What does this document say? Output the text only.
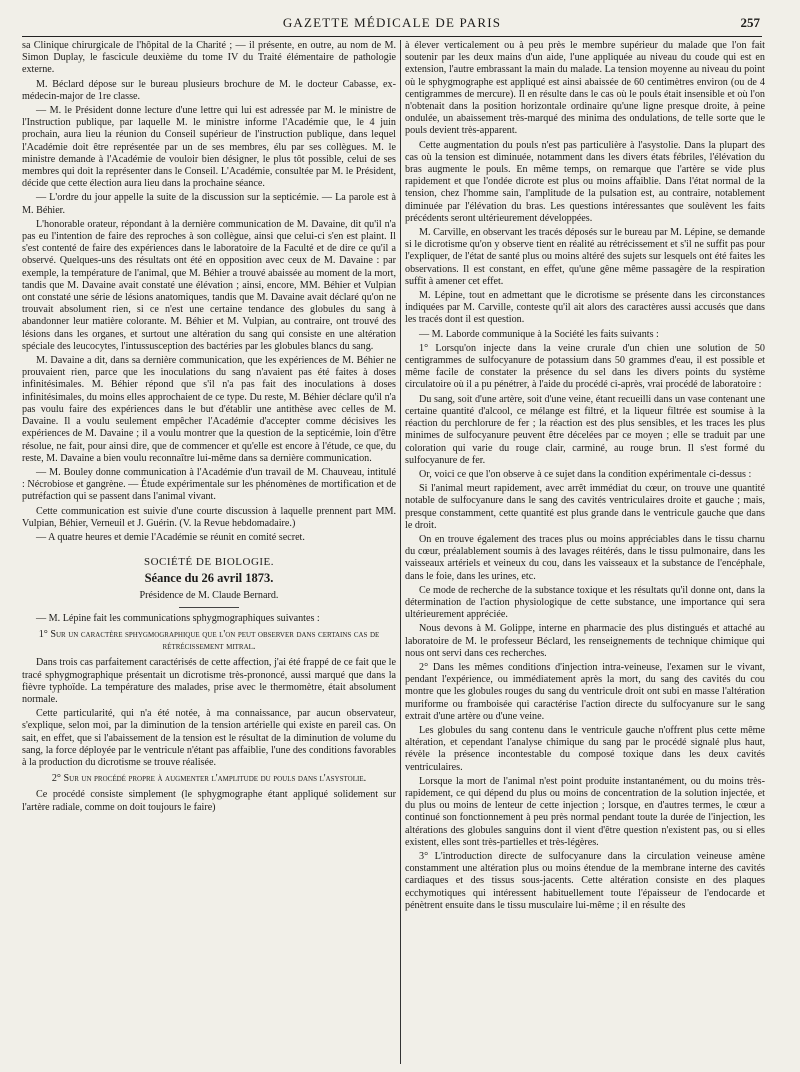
GAZETTE MÉDICALE DE PARIS	257

sa Clinique chirurgicale de l'hôpital de la Charité ; — il présente, en outre, au nom de M. Simon Duplay, le fascicule deuxième du tome IV du Traité élémentaire de pathologie externe.

M. Béclard dépose sur le bureau plusieurs brochure de M. le docteur Cabasse, ex-médecin-major de 1re classe.

— M. le Président donne lecture d'une lettre qui lui est adressée par M. le ministre de l'Instruction publique, par laquelle M. le ministre informe l'Académie que, le 4 juin prochain, aura lieu la réunion du Conseil supérieur de l'instruction publique, dans lequel l'Académie doit être représentée par un de ses membres, élu par ses collègues. M. le ministre demande à l'Académie de vouloir bien désigner, le plus tôt possible, celui de ses membres qui doit la représenter dans le Conseil. L'Académie, consultée par M. le Président, décide que cette élection aura lieu dans la prochaine séance.

— L'ordre du jour appelle la suite de la discussion sur la septicémie. — La parole est à M. Béhier.

L'honorable orateur, répondant à la dernière communication de M. Davaine, dit qu'il n'a pas eu l'intention de faire des reproches à son collègue, ainsi que celui-ci s'en est plaint. Il s'est contenté de faire des expériences dans le laboratoire de la Faculté et de dire ce qu'il a observé. Quelques-uns des résultats ont été en opposition avec ceux de M. Davaine : par exemple, la température de l'animal, que M. Béhier a trouvé abaissée au moment de la mort, tandis que M. Davaine avait constaté une élévation ; ainsi, encore, MM. Béhier et Vulpian ont constaté une série de lésions anatomiques, tandis que M. Davaine avait déclaré qu'on ne trouvait absolument rien, si ce n'est une certaine tendance des globules du sang à abandonner leur matière colorante. M. Béhier et M. Vulpian, au contraire, ont trouvé des lésions dans les organes, et surtout une altération du sang qui consiste en une altération spéciale des leucocytes, l'intussusception des bactéries par les globules blancs du sang.

M. Davaine a dit, dans sa dernière communication, que les expériences de M. Béhier ne prouvaient rien, parce que les inoculations du sang n'avaient pas été faites à doses infinitésimales. M. Béhier répond que s'il n'a pas fait des inoculations à doses infinitésimales, du moins elles approchaient de ce type. Du reste, M. Béhier déclare qu'il n'a pas voulu faire des expériences dans le but d'établir une antithèse avec celles de M. Davaine. Il a voulu seulement empêcher l'Académie d'accepter comme décisives les expériences de M. Davaine ; il a voulu montrer que la question de la septicémie, loin d'être résolue, ne fait, pour ainsi dire, que de commencer et qu'elle est encore à l'étude, ce que, du reste, M. Davaine a bien voulu reconnaître lui-même dans sa dernière communication.

— M. Bouley donne communication à l'Académie d'un travail de M. Chauveau, intitulé : Nécrobiose et gangrène. — Étude expérimentale sur les phénomènes de mortification et de putréfaction qui se passent dans l'animal vivant.

Cette communication est suivie d'une courte discussion à laquelle prennent part MM. Vulpian, Béhier, Verneuil et J. Guérin. (V. la Revue hebdomadaire.)

— A quatre heures et demie l'Académie se réunit en comité secret.

SOCIÉTÉ DE BIOLOGIE.

Séance du 26 avril 1873.

Présidence de M. Claude Bernard.

— M. Lépine fait les communications sphygmographiques suivantes :

1° Sur un caractère sphygmographique que l'on peut observer dans certains cas de rétrécissement mitral.

Dans trois cas parfaitement caractérisés de cette affection, j'ai été frappé de ce fait que le tracé sphygmographique présentait un dicrotisme très-prononcé, aussi marqué que dans la fièvre typhoïde. La température des malades, prise avec le thermomètre, était absolument normale.

Cette particularité, qui n'a été notée, à ma connaissance, par aucun observateur, s'explique, selon moi, par la diminution de la tension artérielle qui existe en pareil cas. On sait, en effet, que si l'abaissement de la tension est le résultat de la diminution de volume du sang, la force déployée par le ventricule n'étant pas affaiblie, l'une des conditions favorables à la production du dicrotisme se trouve réalisée.

2° Sur un procédé propre à augmenter l'amplitude du pouls dans l'asystolie.

Ce procédé consiste simplement (le sphygmographe étant appliqué solidement sur l'artère radiale, comme on doit toujours le faire)

à élever verticalement ou à peu près le membre supérieur du malade que l'on fait soutenir par les deux mains d'un aide, l'une appliquée au niveau du coude qui est en extension, l'autre embrassant la main du malade. La tension moyenne au niveau du point où le sphygmographe est appliqué est ainsi abaissée de 60 centimètres environ (ou de 4 centigrammes de mercure). Il en résulte dans le cas où le pouls était insensible et où l'on n'obtenait dans la position horizontale ordinaire qu'une ligne presque droite, à peine ondulée, un abaissement très-marqué des minima des ondulations, de telle sorte que le pouls devient très-apparent.

Cette augmentation du pouls n'est pas particulière à l'asystolie. Dans la plupart des cas où la tension est diminuée, notamment dans les divers états fébriles, l'élévation du bras augmente le pouls. En même temps, on remarque que l'artère se vide plus rapidement et que l'ondée dicrote est plus ou moins affaiblie. Dans l'état normal de la tension, chez l'homme sain, l'amplitude de la pulsation est, au contraire, notablement diminuée par l'élévation du bras. Les questions intéressantes que soulèvent les faits précédents seront ultérieurement développées.

M. Carville, en observant les tracés déposés sur le bureau par M. Lépine, se demande si le dicrotisme qu'on y observe tient en réalité au rétrécissement et s'il ne suffit pas pour l'expliquer, de l'état de santé plus ou moins altéré des sujets sur lesquels ont été faites les observations. Il est constant, en effet, qu'une gêne même passagère de la respiration suffit à amener cet effet.

M. Lépine, tout en admettant que le dicrotisme se présente dans les circonstances indiquées par M. Carville, conteste qu'il ait alors des caractères aussi accusés que dans les tracés dont il est question.

— M. Laborde communique à la Société les faits suivants :

1° Lorsqu'on injecte dans la veine crurale d'un chien une solution de 50 centigrammes de sulfocyanure de potassium dans 50 grammes d'eau, il est possible et même facile de constater la présence du sel dans les divers points du système circulatoire où il a pu pénétrer, à l'aide du procédé ci-après, vrai procédé de laboratoire :

Du sang, soit d'une artère, soit d'une veine, étant recueilli dans un vase contenant une certaine quantité d'alcool, ce mélange est filtré, et la liqueur filtrée est soumise à la réaction du perchlorure de fer ; la réaction est des plus sensibles, et les traces les plus minimes de sulfocyanure peuvent être décelées par ce moyen ; elle se traduit par une coloration qui varie du rouge clair, carminé, au rouge brun. Il s'est formé du sulfocyanure de fer.

Or, voici ce que l'on observe à ce sujet dans la condition expérimentale ci-dessus :

Si l'animal meurt rapidement, avec arrêt immédiat du cœur, on trouve une quantité notable de sulfocyanure dans le sang des cavités ventriculaires droite et gauche ; mais, presque constamment, cette quantité est plus grande dans le ventricule gauche que dans le droit.

On en trouve également des traces plus ou moins appréciables dans le tissu charnu du cœur, préalablement soumis à des lavages réitérés, dans le tissu pulmonaire, dans les vaisseaux artériels et veineux du cou, dans les vaisseaux et la substance de l'encéphale, dans le foie, dans les urines, etc.

Ce mode de recherche de la substance toxique et les résultats qu'il donne ont, dans la détermination de l'action physiologique de cette substance, une importance qui sera ultérieurement appréciée.

Nous devons à M. Golippe, interne en pharmacie des plus distingués et attaché au laboratoire de M. le professeur Béclard, les renseignements de technique chimique qui nous ont servi dans ces recherches.

2° Dans les mêmes conditions d'injection intra-veineuse, l'examen sur le vivant, pendant l'expérience, ou immédiatement après la mort, du sang des cavités du cou montre que les globules rouges du sang du ventricule droit ont subi en masse l'altération muriforme ou framboisée qui caractérise l'action directe du sulfocyanure sur le sang extrait d'une artère ou d'une veine.

Les globules du sang contenu dans le ventricule gauche n'offrent plus cette même altération, et cependant l'analyse chimique du sang par le procédé signalé plus haut, révèle la présence incontestable du composé toxique dans les deux cavités ventriculaires.

Lorsque la mort de l'animal n'est point produite instantanément, ou du moins très-rapidement, ce qui dépend du plus ou moins de concentration de la solution injectée, et du plus ou moins de lenteur de cette injection ; lorsque, en d'autres termes, le cœur a continué son fonctionnement à peu près normal pendant toute la durée de l'injection, les altérations des globules sanguins dont il vient d'être question n'existent pas, ou si elles existent, elles sont très-partielles et très-légères.

3° L'introduction directe de sulfocyanure dans la circulation veineuse amène constamment une altération plus ou moins étendue de la membrane interne des cavités cardiaques et des tissus sous-jacents. Cette altération consiste en des plaques ecchymotiques qui intéressent habituellement toute l'épaisseur de l'endocarde et pénètrent ensuite dans le tissu musculaire lui-même ; il en résulte des
